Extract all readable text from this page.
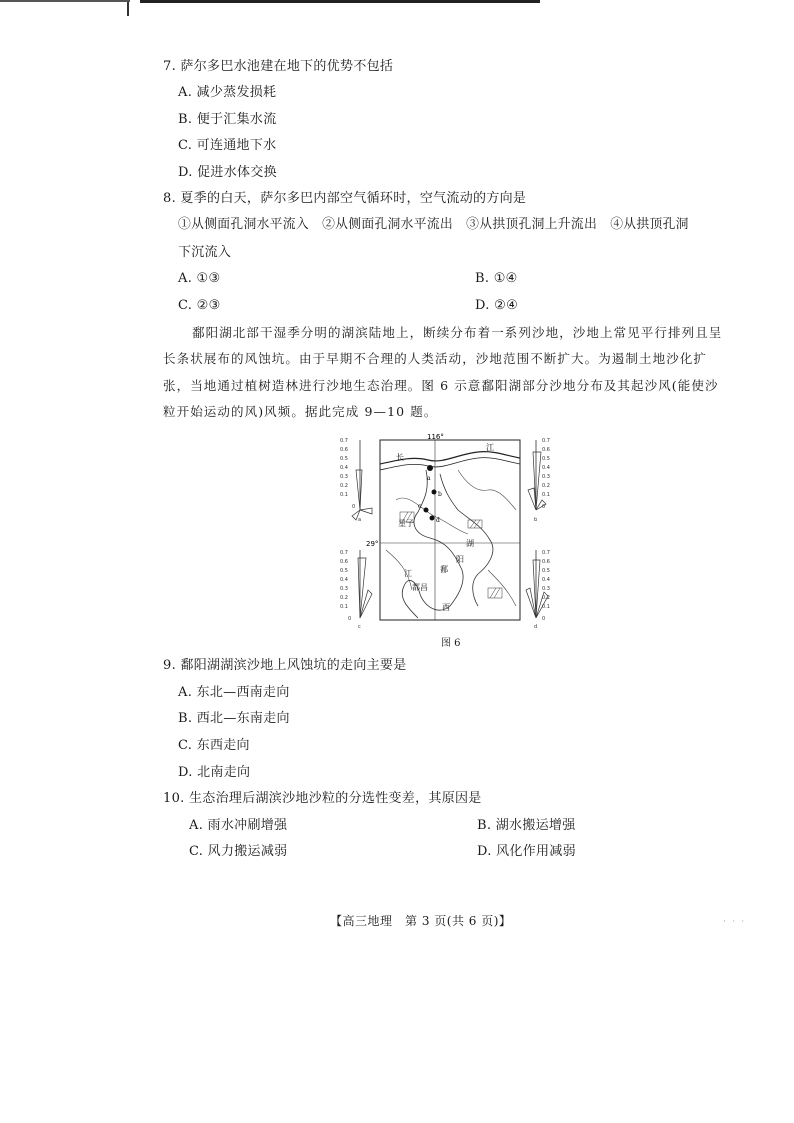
7. 萨尔多巴水池建在地下的优势不包括
A. 减少蒸发损耗
B. 便于汇集水流
C. 可连通地下水
D. 促进水体交换
8. 夏季的白天，萨尔多巴内部空气循环时，空气流动的方向是
①从侧面孔洞水平流入　②从侧面孔洞水平流出　③从拱顶孔洞上升流出　④从拱顶孔洞
下沉流入
A. ①③	B. ①④
C. ②③	D. ②④
鄱阳湖北部干湿季分明的湖滨陆地上，断续分布着一系列沙地，沙地上常见平行排列且呈
长条状展布的风蚀坑。由于早期不合理的人类活动，沙地范围不断扩大。为遏制土地沙化扩
张，当地通过植树造林进行沙地生态治理。图 6 示意鄱阳湖部分沙地分布及其起沙风(能使沙
粒开始运动的风)风频。据此完成 9—10 题。
0.7
0.6
0.5
0.4
0.3
0.2
0.1
0
a
0.7
0.6
0.5
0.4
0.3
0.2
0.1
0
b
0.7
0.6
0.5
0.4
0.3
0.2
0.1
0
c
0.7
0.6
0.5
0.4
0.3
0.2
0.1
0
d
116°
29°
长
江
a
b
c
d
星子
都昌
鄱
阳
湖
江
西
图 6
9. 鄱阳湖湖滨沙地上风蚀坑的走向主要是
A. 东北—西南走向
B. 西北—东南走向
C. 东西走向
D. 北南走向
10. 生态治理后湖滨沙地沙粒的分选性变差，其原因是
A. 雨水冲刷增强	B. 湖水搬运增强
C. 风力搬运减弱	D. 风化作用减弱
【高三地理　第 3 页(共 6 页)】	· · ·
